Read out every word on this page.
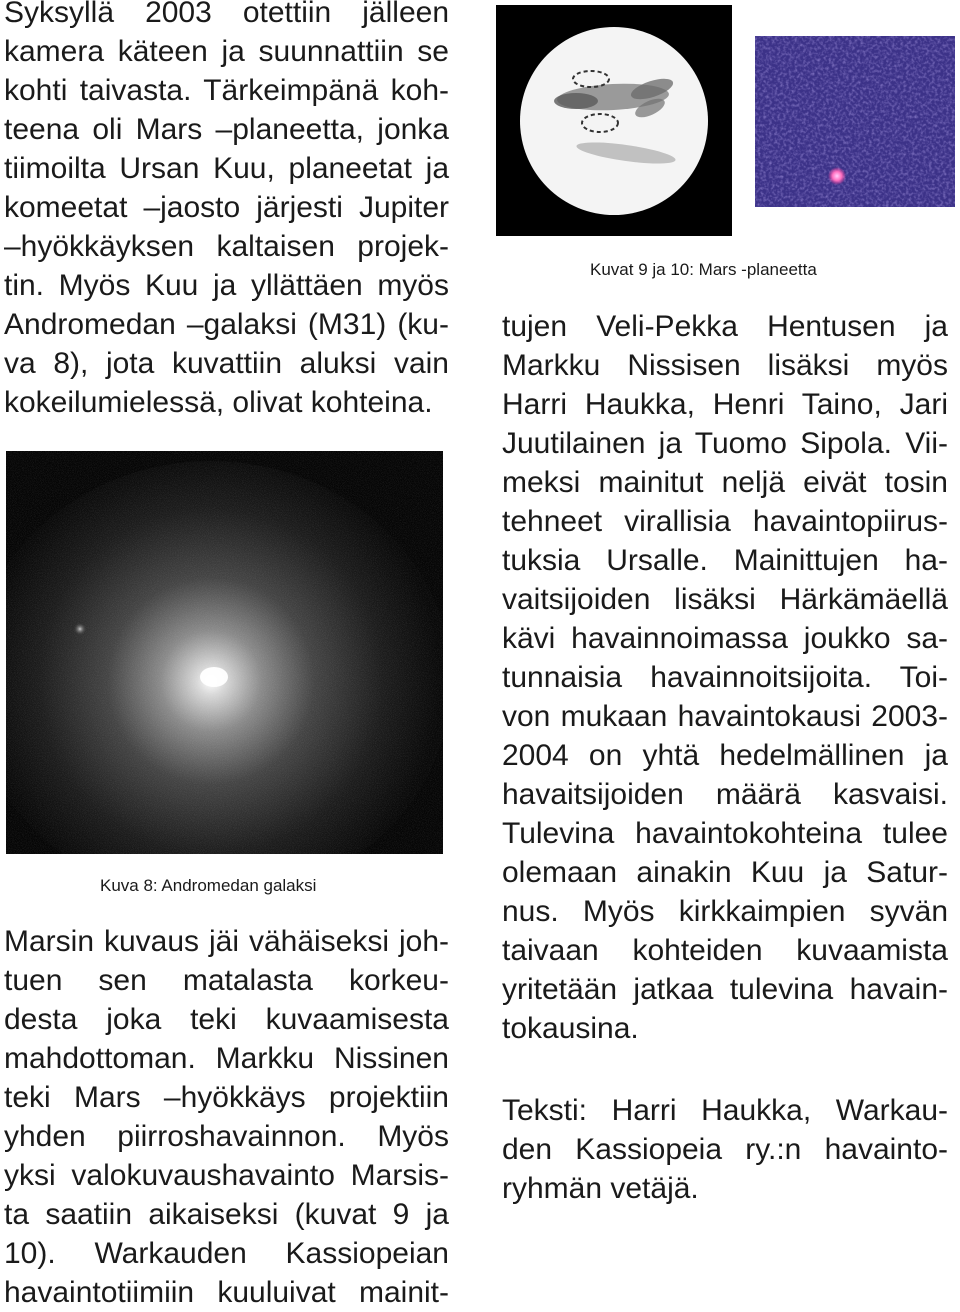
Syksyllä 2003 otettiin jälleen
kamera käteen ja suunnattiin se
kohti taivasta. Tärkeimpänä koh-
teena oli Mars –planeetta, jonka
tiimoilta Ursan Kuu, planeetat ja
komeetat –jaosto järjesti Jupiter
–hyökkäyksen kaltaisen projek-
tin. Myös Kuu ja yllättäen myös
Andromedan –galaksi (M31) (ku-
va 8), jota kuvattiin aluksi vain
kokeilumielessä, olivat kohteina.
Kuva 8: Andromedan galaksi
Marsin kuvaus jäi vähäiseksi joh-
tuen sen matalasta korkeu-
desta joka teki kuvaamisesta
mahdottoman. Markku Nissinen
teki Mars –hyökkäys projektiin
yhden piirroshavainnon. Myös
yksi valokuvaushavainto Marsis-
ta saatiin aikaiseksi (kuvat 9 ja
10). Warkauden Kassiopeian
havaintotiimiin kuuluivat mainit-
Kuvat 9 ja 10: Mars -planeetta
tujen Veli-Pekka Hentusen ja
Markku Nissisen lisäksi myös
Harri Haukka, Henri Taino, Jari
Juutilainen ja Tuomo Sipola. Vii-
meksi mainitut neljä eivät tosin
tehneet virallisia havaintopiirus-
tuksia Ursalle. Mainittujen ha-
vaitsijoiden lisäksi Härkämäellä
kävi havainnoimassa joukko sa-
tunnaisia havainnoitsijoita. Toi-
von mukaan havaintokausi 2003-
2004 on yhtä hedelmällinen ja
havaitsijoiden määrä kasvaisi.
Tulevina havaintokohteina tulee
olemaan ainakin Kuu ja Satur-
nus. Myös kirkkaimpien syvän
taivaan kohteiden kuvaamista
yritetään jatkaa tulevina havain-
tokausina.
Teksti: Harri Haukka, Warkau-
den Kassiopeia ry.:n havainto-
ryhmän vetäjä.
